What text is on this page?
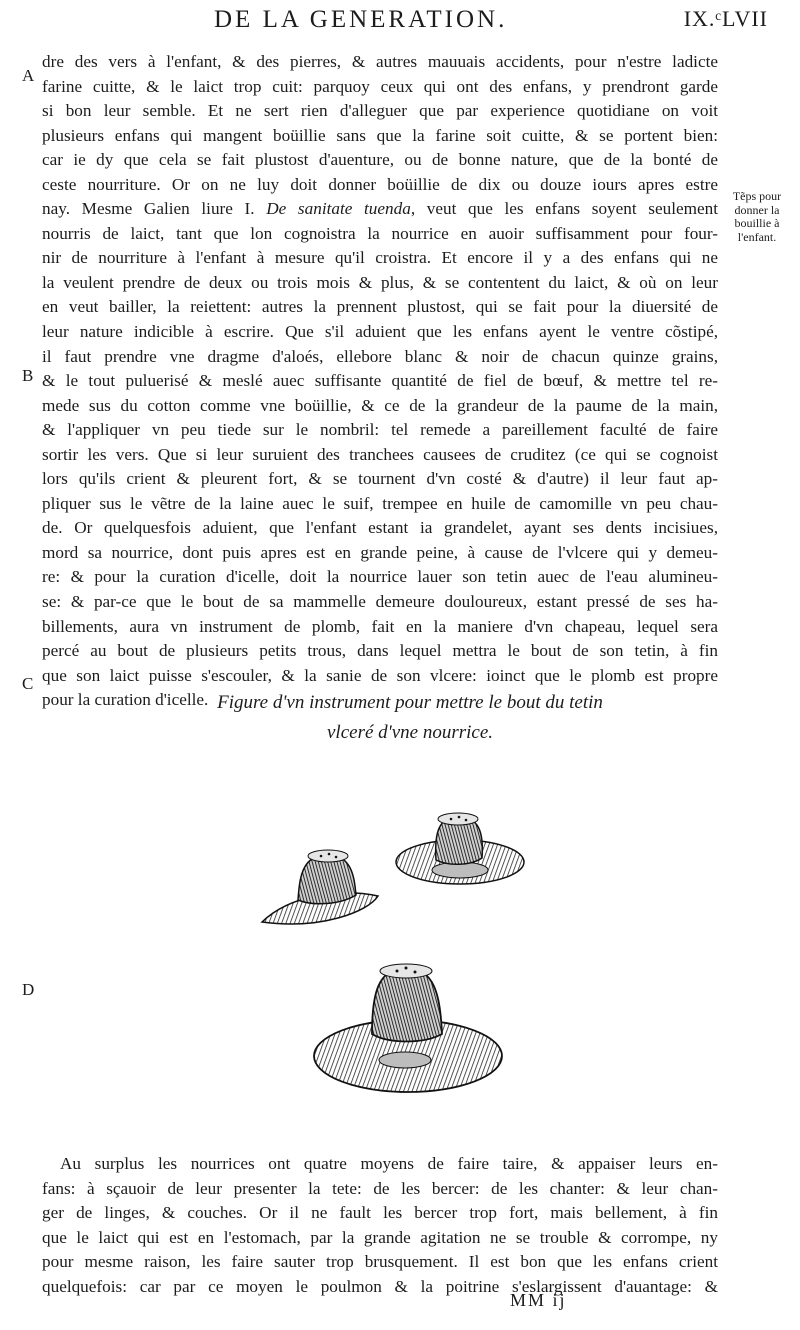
DE LA GENERATION.	IX.ᶜLVII
A
B
C
D
dre des vers à l'enfant, & des pierres, & autres mauuais accidents, pour n'estre ladicte
farine cuitte, & le laict trop cuit: parquoy ceux qui ont des enfans, y prendront garde
si bon leur semble. Et ne sert rien d'alleguer que par experience quotidiane on voit
plusieurs enfans qui mangent boüillie sans que la farine soit cuitte, & se portent bien:
car ie dy que cela se fait plustost d'auenture, ou de bonne nature, que de la bonté de
ceste nourriture. Or on ne luy doit donner boüillie de dix ou douze iours apres estre
nay. Mesme Galien liure I. De sanitate tuenda, veut que les enfans soyent seulement
nourris de laict, tant que lon cognoistra la nourrice en auoir suffisamment pour four-
nir de nourriture à l'enfant à mesure qu'il croistra. Et encore il y a des enfans qui ne
la veulent prendre de deux ou trois mois & plus, & se contentent du laict, & où on leur
en veut bailler, la reiettent: autres la prennent plustost, qui se fait pour la diuersité de
leur nature indicible à escrire. Que s'il aduient que les enfans ayent le ventre cõstipé,
il faut prendre vne dragme d'aloés, ellebore blanc & noir de chacun quinze grains,
& le tout puluerisé & meslé auec suffisante quantité de fiel de bœuf, & mettre tel re-
mede sus du cotton comme vne boüillie, & ce de la grandeur de la paume de la main,
& l'appliquer vn peu tiede sur le nombril: tel remede a pareillement faculté de faire
sortir les vers. Que si leur suruient des tranchees causees de cruditez (ce qui se cognoist
lors qu'ils crient & pleurent fort, & se tournent d'vn costé & d'autre) il leur faut ap-
pliquer sus le vẽtre de la laine auec le suif, trempee en huile de camomille vn peu chau-
de. Or quelquesfois aduient, que l'enfant estant ia grandelet, ayant ses dents incisiues,
mord sa nourrice, dont puis apres est en grande peine, à cause de l'vlcere qui y demeu-
re: & pour la curation d'icelle, doit la nourrice lauer son tetin auec de l'eau alumineu-
se: & par-ce que le bout de sa mammelle demeure douloureux, estant pressé de ses ha-
billements, aura vn instrument de plomb, fait en la maniere d'vn chapeau, lequel sera
percé au bout de plusieurs petits trous, dans lequel mettra le bout de son tetin, à fin
que son laict puisse s'escouler, & la sanie de son vlcere: ioinct que le plomb est propre
pour la curation d'icelle.
Tẽps pour donner la bouillie à l'enfant.
Figure d'vn instrument pour mettre le bout du tetin
vlceré d'vne nourrice.
Au surplus les nourrices ont quatre moyens de faire taire, & appaiser leurs en-
fans: à sçauoir de leur presenter la tete: de les bercer: de les chanter: & leur chan-
ger de linges, & couches. Or il ne fault les bercer trop fort, mais bellement, à fin
que le laict qui est en l'estomach, par la grande agitation ne se trouble & corrompe, ny
pour mesme raison, les faire sauter trop brusquement. Il est bon que les enfans crient
quelquefois: car par ce moyen le poulmon & la poitrine s'eslargissent d'auantage: &
MM ij
